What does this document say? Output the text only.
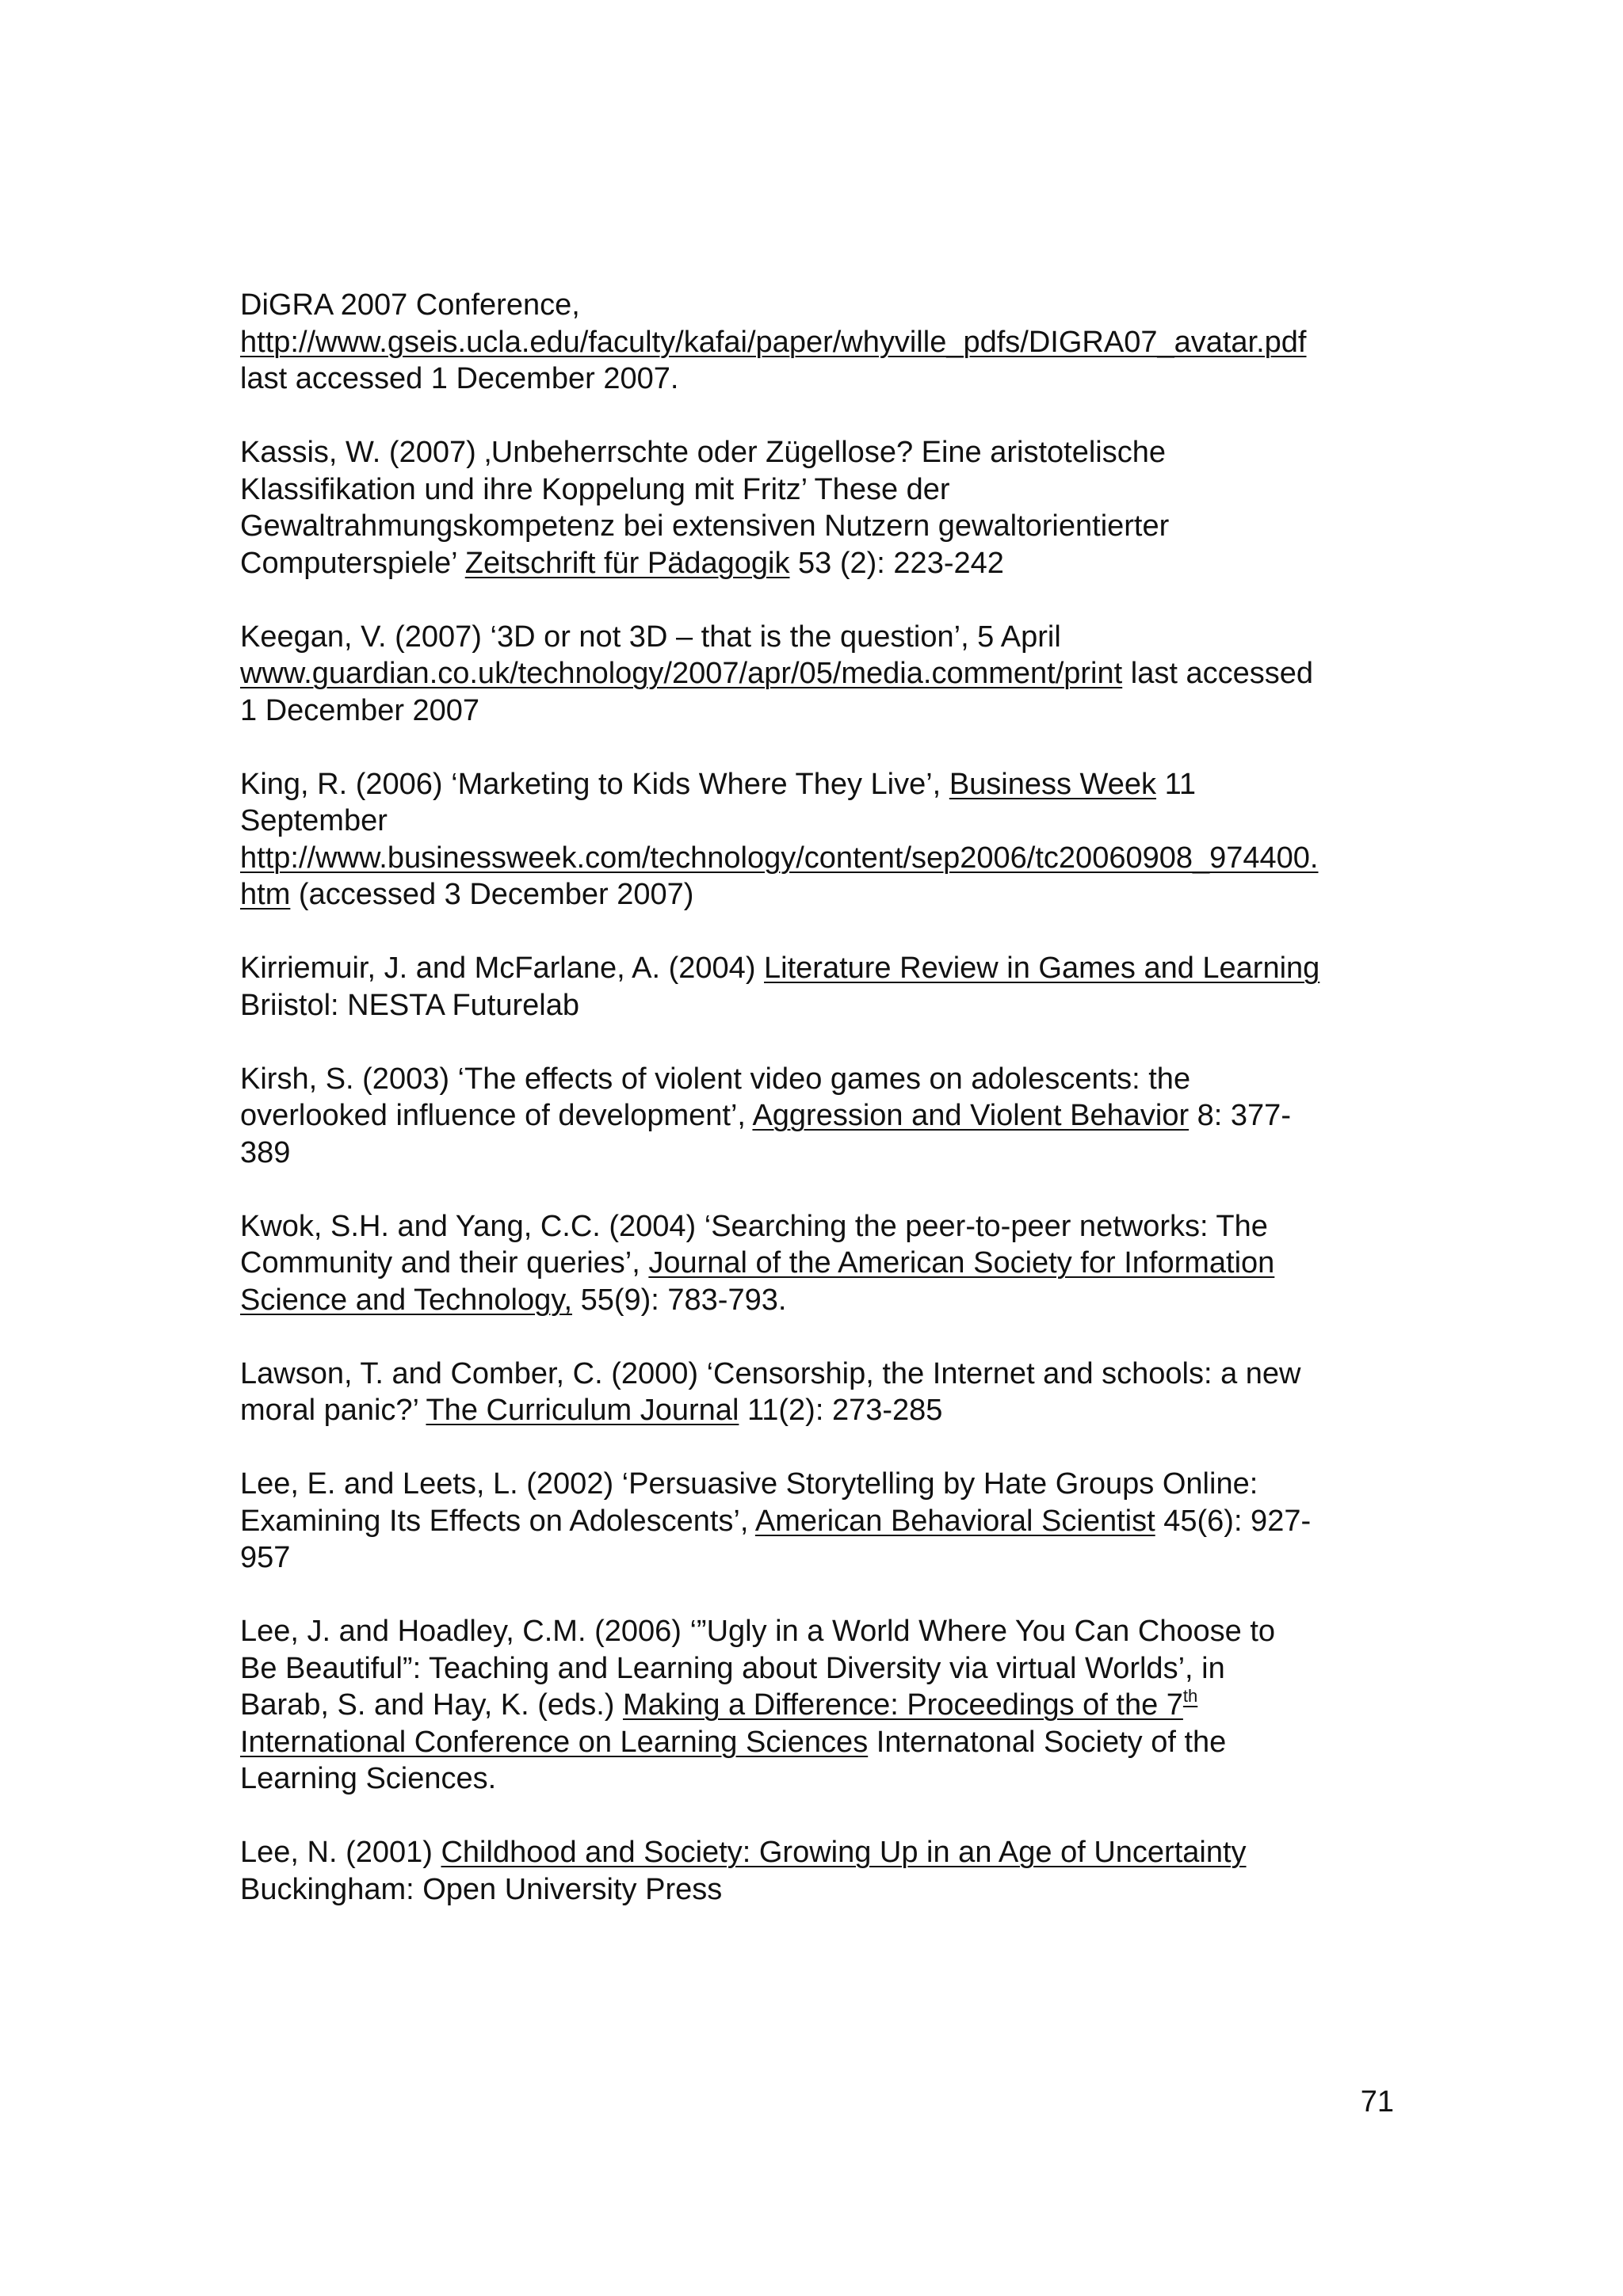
DiGRA 2007 Conference,
http://www.gseis.ucla.edu/faculty/kafai/paper/whyville_pdfs/DIGRA07_avatar.pdf
last accessed 1 December 2007.
Kassis, W. (2007) ‚Unbeherrschte oder Zügellose? Eine aristotelische
Klassifikation und ihre Koppelung mit Fritz’ These der
Gewaltrahmungskompetenz bei extensiven Nutzern gewaltorientierter
Computerspiele’ Zeitschrift für Pädagogik 53 (2): 223-242
Keegan, V. (2007) ‘3D or not 3D – that is the question’, 5 April
www.guardian.co.uk/technology/2007/apr/05/media.comment/print last accessed
1 December 2007
King, R. (2006) ‘Marketing to Kids Where They Live’, Business Week 11
September
http://www.businessweek.com/technology/content/sep2006/tc20060908_974400.
htm (accessed 3 December 2007)
Kirriemuir, J. and McFarlane, A. (2004) Literature Review in Games and Learning
Briistol: NESTA Futurelab
Kirsh, S. (2003) ‘The effects of violent video games on adolescents: the
overlooked influence of development’, Aggression and Violent Behavior 8: 377-
389
Kwok, S.H. and Yang, C.C. (2004) ‘Searching the peer-to-peer networks: The
Community and their queries’, Journal of the American Society for Information
Science and Technology, 55(9): 783-793.
Lawson, T. and Comber, C. (2000) ‘Censorship, the Internet and schools: a new
moral panic?’ The Curriculum Journal 11(2): 273-285
Lee, E. and Leets, L. (2002) ‘Persuasive Storytelling by Hate Groups Online:
Examining Its Effects on Adolescents’, American Behavioral Scientist 45(6): 927-
957
Lee, J. and Hoadley, C.M. (2006) ‘”Ugly in a World Where You Can Choose to
Be Beautiful”: Teaching and Learning about Diversity via virtual Worlds’, in
Barab, S. and Hay, K. (eds.) Making a Difference: Proceedings of the 7th
International Conference on Learning Sciences Internatonal Society of the
Learning Sciences.
Lee, N. (2001) Childhood and Society: Growing Up in an Age of Uncertainty
Buckingham: Open University Press
71
